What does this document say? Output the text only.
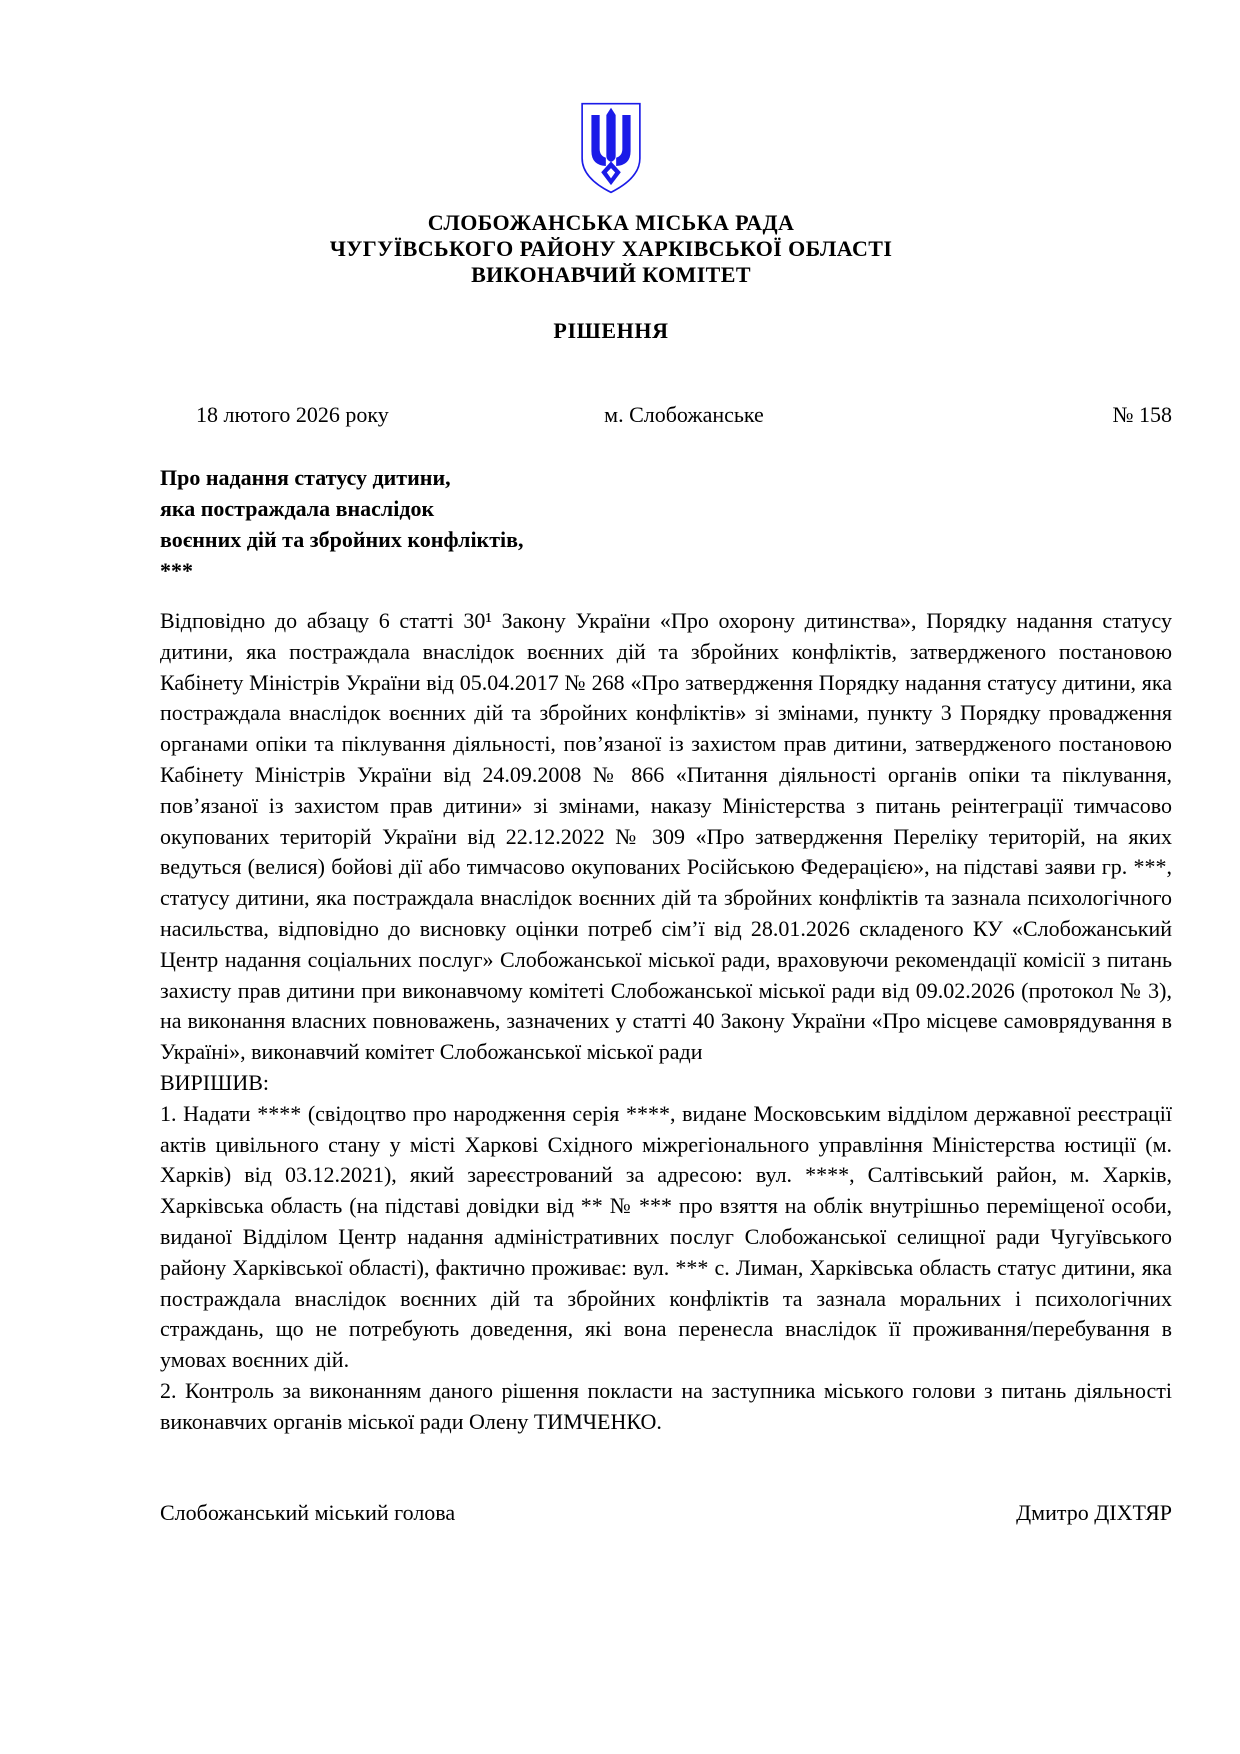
СЛОБОЖАНСЬКА МІСЬКА РАДА
ЧУГУЇВСЬКОГО РАЙОНУ ХАРКІВСЬКОЇ ОБЛАСТІ
ВИКОНАВЧИЙ КОМІТЕТ
РІШЕННЯ
18 лютого 2026 року	м. Слобожанське	№ 158
Про надання статусу дитини,
яка постраждала внаслідок
воєнних дій та збройних конфліктів,
***

Відповідно до абзацу 6 статті 30¹ Закону України «Про охорону дитинства», Порядку надання статусу дитини, яка постраждала внаслідок воєнних дій та збройних конфліктів, затвердженого постановою Кабінету Міністрів України від 05.04.2017 № 268 «Про затвердження Порядку надання статусу дитини, яка постраждала внаслідок воєнних дій та збройних конфліктів» зі змінами, пункту 3 Порядку провадження органами опіки та піклування діяльності, пов’язаної із захистом прав дитини, затвердженого постановою Кабінету Міністрів України від 24.09.2008 № 866 «Питання діяльності органів опіки та піклування, пов’язаної із захистом прав дитини» зі змінами, наказу Міністерства з питань реінтеграції тимчасово окупованих територій України від 22.12.2022 № 309 «Про затвердження Переліку територій, на яких ведуться (велися) бойові дії або тимчасово окупованих Російською Федерацією», на підставі заяви гр. ***, статусу дитини, яка постраждала внаслідок воєнних дій та збройних конфліктів та зазнала психологічного насильства, відповідно до висновку оцінки потреб сім’ї від 28.01.2026 складеного КУ «Слобожанський Центр надання соціальних послуг» Слобожанської міської ради, враховуючи рекомендації комісії з питань захисту прав дитини при виконавчому комітеті Слобожанської міської ради від 09.02.2026 (протокол № 3), на виконання власних повноважень, зазначених у статті 40 Закону України «Про місцеве самоврядування в Україні», виконавчий комітет Слобожанської міської ради

ВИРІШИВ:

1. Надати **** (свідоцтво про народження серія ****, видане Московським відділом державної реєстрації актів цивільного стану у місті Харкові Східного міжрегіонального управління Міністерства юстиції (м. Харків) від 03.12.2021), який зареєстрований за адресою: вул. ****, Салтівський район, м. Харків, Харківська область (на підставі довідки від ** № *** про взяття на облік внутрішньо переміщеної особи, виданої Відділом Центр надання адміністративних послуг Слобожанської селищної ради Чугуївського району Харківської області), фактично проживає: вул. *** с. Лиман, Харківська область статус дитини, яка постраждала внаслідок воєнних дій та збройних конфліктів та зазнала моральних і психологічних страждань, що не потребують доведення, які вона перенесла внаслідок її проживання/перебування в умовах воєнних дій.

2. Контроль за виконанням даного рішення покласти на заступника міського голови з питань діяльності виконавчих органів міської ради Олену ТИМЧЕНКО.

Слобожанський міський голова	Дмитро ДІХТЯР
